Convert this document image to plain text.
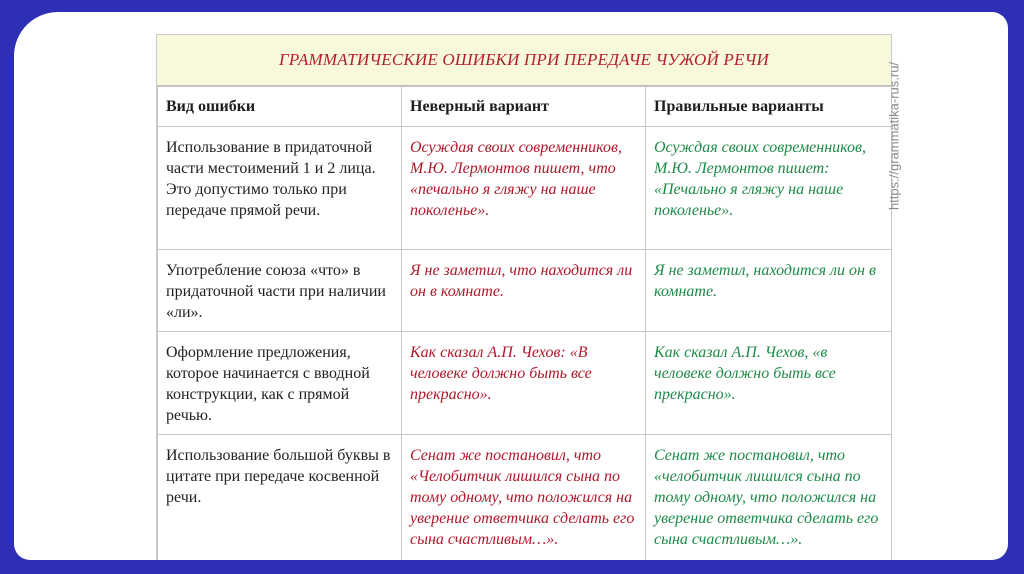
ГРАММАТИЧЕСКИЕ ОШИБКИ ПРИ ПЕРЕДАЧЕ ЧУЖОЙ РЕЧИ
Вид ошибки	Неверный вариант	Правильные варианты
Использование в придаточной части местоимений 1 и 2 лица. Это допустимо только при передаче прямой речи.	Осуждая своих современников, М.Ю. Лермонтов пишет, что «печально я гляжу на наше поколенье».	Осуждая своих современников, М.Ю. Лермонтов пишет: «Печально я гляжу на наше поколенье».
Употребление союза «что» в придаточной части при наличии «ли».	Я не заметил, что находится ли он в комнате.	Я не заметил, находится ли он в комнате.
Оформление предложения, которое начинается с вводной конструкции, как с прямой речью.	Как сказал А.П. Чехов: «В человеке должно быть все прекрасно».	Как сказал А.П. Чехов, «в человеке должно быть все прекрасно».
Использование большой буквы в цитате при передаче косвенной речи.	Сенат же постановил, что «Челобитчик лишился сына по тому одному, что положился на уверение ответчика сделать его сына счастливым…».	Сенат же постановил, что «челобитчик лишился сына по тому одному, что положился на уверение ответчика сделать его сына счастливым…».
https://grammatika-rus.ru/
